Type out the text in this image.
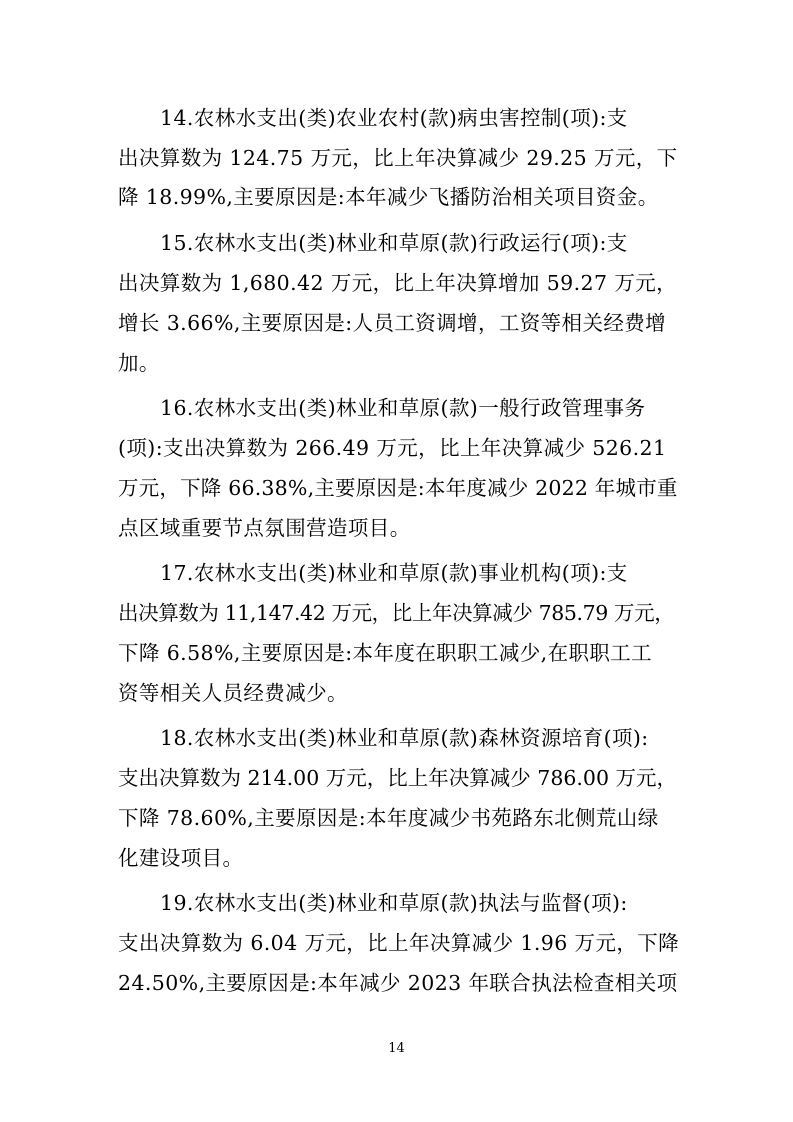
14.农林水支出(类)农业农村(款)病虫害控制(项):支
出决算数为 124.75 万元，比上年决算减少 29.25 万元，下
降 18.99%,主要原因是:本年减少飞播防治相关项目资金。
15.农林水支出(类)林业和草原(款)行政运行(项):支
出决算数为 1,680.42 万元，比上年决算增加 59.27 万元，
增长 3.66%,主要原因是:人员工资调增，工资等相关经费增
加。
16.农林水支出(类)林业和草原(款)一般行政管理事务
(项):支出决算数为 266.49 万元，比上年决算减少 526.21
万元，下降 66.38%,主要原因是:本年度减少 2022 年城市重
点区域重要节点氛围营造项目。
17.农林水支出(类)林业和草原(款)事业机构(项):支
出决算数为 11,147.42 万元，比上年决算减少 785.79 万元，
下降 6.58%,主要原因是:本年度在职职工减少,在职职工工
资等相关人员经费减少。
18.农林水支出(类)林业和草原(款)森林资源培育(项):
支出决算数为 214.00 万元，比上年决算减少 786.00 万元，
下降 78.60%,主要原因是:本年度减少书苑路东北侧荒山绿
化建设项目。
19.农林水支出(类)林业和草原(款)执法与监督(项):
支出决算数为 6.04 万元，比上年决算减少 1.96 万元，下降
24.50%,主要原因是:本年减少 2023 年联合执法检查相关项
14
